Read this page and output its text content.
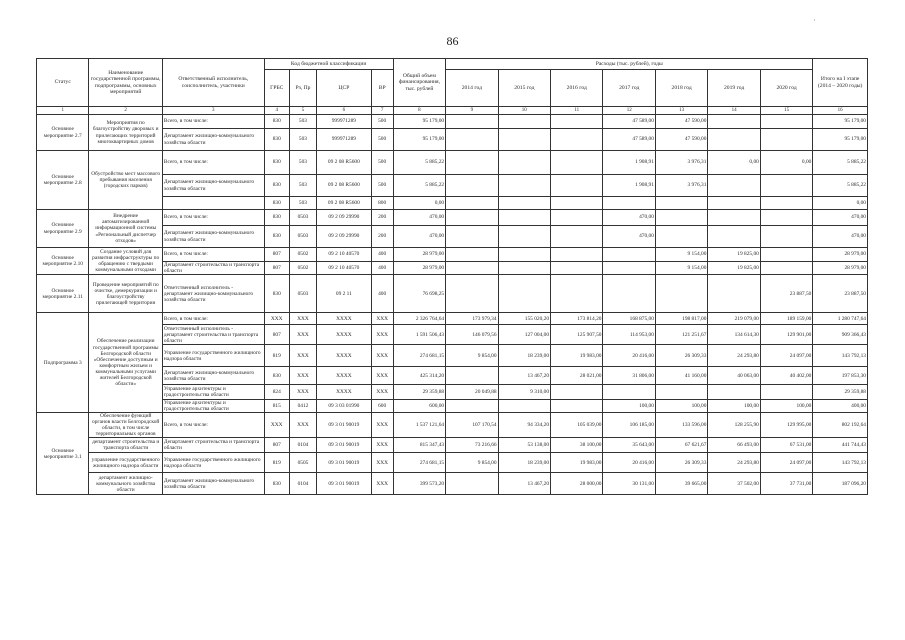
86
·
Статус	Наименование государственной программы, подпрограммы, основных мероприятий	Ответственный исполнитель, соисполнитель, участники	Код бюджетной классификации				Общий объем финансирования, тыс. рублей	Расходы (тыс. рублей), годы							Итого на I этапе (2014 – 2020 годы)
			ГРБС	Рз, Пр	ЦСР	ВР		2014 год	2015 год	2016 год	2017 год	2018 год	2019 год	2020 год	
1	2	3	4	5	6	7	8	9	10	11	12	13	14	15	16
Основное мероприятие 2.7	Мероприятия по благоустройству дворовых и прилегающих территорий многоквартирных домов	Всего, в том числе:	830	503	999971289	500	95 179,00				47 589,00	47 590,00			95 179,00
		Департамент жилищно-коммунального хозяйства области	830	503	999971289	500	95 179,00				47 589,00	47 590,00			95 179,00
Основное мероприятие 2.8	Обустройство мест массового пребывания населения (городских парков)	Всего, в том числе:	830	503	09 2 08 R5600	500	5 885,22				1 908,91	3 976,31	0,00	0,00	5 885,22
		Департамент жилищно-коммунального хозяйства области	830	503	09 2 08 R5600	500	5 885,22				1 908,91	3 976,31			5 885,22
			830	503	09 2 08 R5600	800	0,00								0,00
Основное мероприятие 2.9	Внедрение автоматизированной информационной системы «Региональный диспетчер отходов»	Всего, в том числе:	830	0503	09 2 09 29990	200	470,00				470,00				470,00
		Департамент жилищно-коммунального хозяйства области	830	0503	09 2 09 29990	200	470,00				470,00				470,00
Основное мероприятие 2.10	Создание условий для развития инфраструктуры по обращению с твердыми коммунальными отходами	Всего, в том числе:	807	0502	09 2 10 40570	400	28 979,00					9 154,00	19 825,00		28 979,00
		Департамент строительства и транспорта области	807	0502	09 2 10 40570	400	28 979,00					9 154,00	19 825,00		28 979,00
Основное мероприятие 2.11	Проведение мероприятий по очистке, демеркуризации и благоустройству прилегающей территории	Ответственный исполнитель - департамент жилищно-коммунального хозяйства области	830	0503	09 2 11	400	76 698,25							23 887,50	23 887,50
Подпрограмма 3	Обеспечение реализации государственной программы Белгородской области «Обеспечение доступным и комфортным жильем и коммунальными услугами жителей Белгородской области»	Всего, в том числе:	XXX	XXX	XXXX	XXX	2 326 764,64	173 979,34	155 020,20	173 814,20	168 875,00	198 817,00	219 079,00	189 159,00	1 280 747,64
		Ответственный исполнитель - департамент строительства и транспорта области	807	XXX	XXXX	XXX	1 591 506,43	146 079,56	127 004,00	125 907,50	114 953,00	121 251,67	134 614,30	129 901,00	909 366,43
		Управление государственного жилищного надзора области	819	XXX	XXXX	XXX	274 681,15	9 854,00	18 239,00	19 983,00	20 416,00	26 309,33	24 293,80	24 097,00	143 792,13
		Департамент жилищно-коммунального хозяйства области	830	XXX	XXXX	XXX	425 314,20		13 467,20	28 021,00	31 806,00	41 160,00	40 063,00	40 402,00	197 853,30
		Управление архитектуры и градостроительства области	824	XXX	XXXX	XXX	29 359,88	20 049,88	9 310,00						29 359,88
		Управление архитектуры и градостроительства области	815	0412	09 3 03 01990	600	600,00				100,00	100,00	100,00	100,00	400,00
Основное мероприятие 3.1	Обеспечение функций органов власти Белгородской области, в том числе территориальных органов	Всего, в том числе:	XXX	XXX	09 3 01 90019	XXX	1 537 121,64	107 170,54	94 334,20	105 039,00	106 185,00	133 596,00	128 255,90	129 995,00	802 192,64
	департамент строительства и транспорта области	Департамент строительства и транспорта области	807	0104	09 3 01 90019	XXX	815 347,43	73 216,66	53 138,00	38 100,00	35 643,00	67 621,67	66 493,00	67 531,00	441 744,43
	управление государственного жилищного надзора области	Управление государственного жилищного надзора области	819	0505	09 3 01 90019	XXX	274 681,15	9 854,00	18 239,00	19 983,00	20 416,00	26 309,33	24 293,80	24 097,00	143 792,13
	департамент жилищно-коммунального хозяйства области	Департамент жилищно-коммунального хозяйства области	830	0104	09 3 01 90019	XXX	399 573,20		13 467,20	28 000,00	30 131,00	39 665,00	37 502,00	37 731,00	187 096,20
